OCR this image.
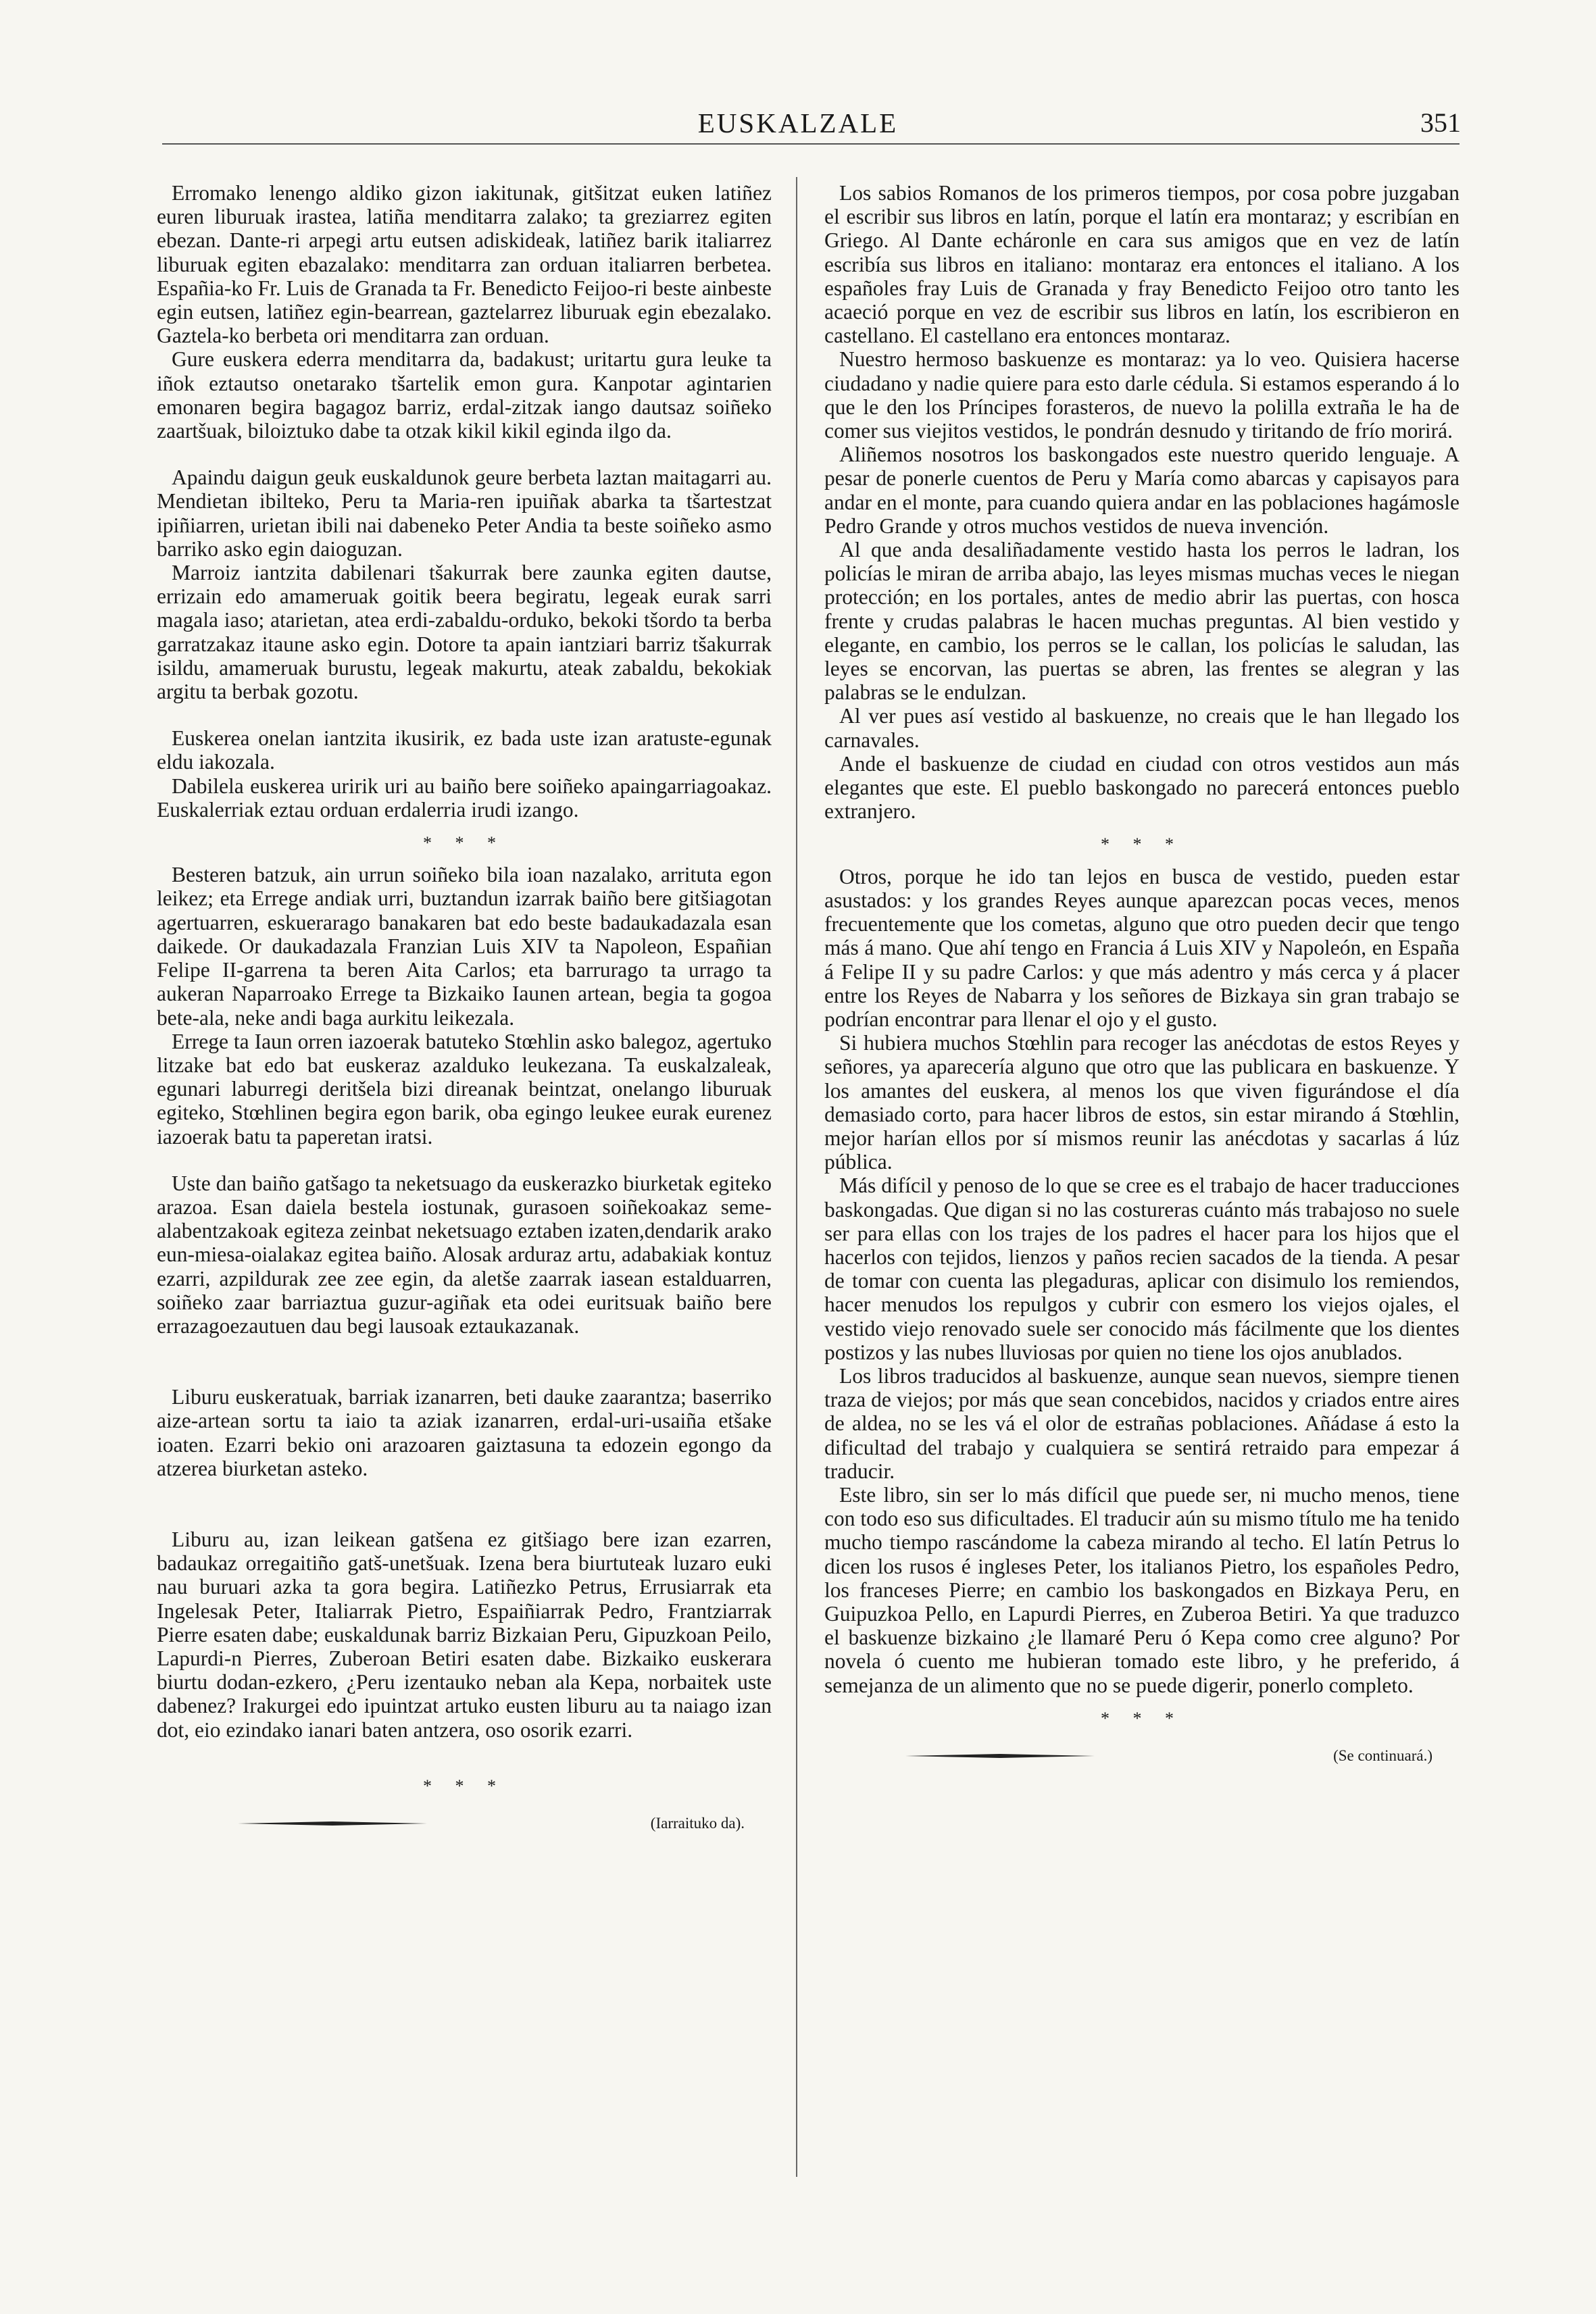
EUSKALZALE	351

Erromako lenengo aldiko gizon iakitunak, gitšitzat euken latiñez euren liburuak irastea, latiña menditarra zalako; ta greziarrez egiten ebezan. Dante-ri arpegi artu eutsen adiskideak, latiñez barik italiarrez liburuak egiten ebazalako: menditarra zan orduan italiarren berbetea. Españia-ko Fr. Luis de Granada ta Fr. Benedicto Feijoo-ri beste ainbeste egin eutsen, latiñez egin-bearrean, gaztelarrez liburuak egin ebezalako. Gaztela-ko berbeta ori menditarra zan orduan.

Gure euskera ederra menditarra da, badakust; uritartu gura leuke ta iñok eztautso onetarako tšartelik emon gura. Kanpotar agintarien emonaren begira bagagoz barriz, erdal-zitzak iango dautsaz soiñeko zaartšuak, biloiztuko dabe ta otzak kikil kikil egindа ilgo da.

Apaindu daigun geuk euskaldunok geure berbeta laztan maitagarri au. Mendietan ibilteko, Peru ta Maria-ren ipuiñak abarka ta tšartestzat ipiñiarren, urietan ibili nai dabeneko Peter Andia ta beste soiñeko asmo barriko asko egin daioguzan.

Marroiz iantzita dabilenari tšakurrak bere zaunka egiten dautse, errizain edo amameruak goitik beera begiratu, legeak eurak sarri magala iaso; atarietan, atea erdi-zabaldu-orduko, bekoki tšordo ta berba garratzakaz itaune asko egin. Dotore ta apain iantziari barriz tšakurrak isildu, amameruak burustu, legeak makurtu, ateak zabaldu, bekokiak argitu ta berbak gozotu.

Euskerea onelan iantzita ikusirik, ez bada uste izan aratuste-egunak eldu iakozala.

Dabilela euskerea uririk uri au baiño bere soiñeko apaingarriagoakaz. Euskalerriak eztau orduan erdalerria irudi izango.

* * *

Besteren batzuk, ain urrun soiñeko bila ioan nazalako, arrituta egon leikez; eta Errege andiak urri, buztandun izarrak baiño bere gitšiagotan agertuarren, eskuerarago banakaren bat edo beste badaukadazala esan daikede. Or daukadazala Franzian Luis XIV ta Napoleon, Españian Felipe II-garrena ta beren Aita Carlos; eta barrurago ta urrago ta aukeran Naparroako Errege ta Bizkaiko Iaunen artean, begia ta gogoa bete-ala, neke andi baga aurkitu leikezala.

Errege ta Iaun orren iazoerak batuteko Stœhlin asko balegoz, agertuko litzake bat edo bat euskeraz azalduko leukezana. Ta euskalzaleak, egunari laburregi deritšela bizi direanak beintzat, onelango liburuak egiteko, Stœhlinen begira egon barik, oba egingo leukee eurak eurenez iazoerak batu ta paperetan iratsi.

Uste dan baiño gatšago ta neketsuago da euskerazko biurketak egiteko arazoa. Esan daiela bestela iostunak, gurasoen soiñekoakaz seme-alabentzakoak egiteza zeinbat neketsuago eztaben izaten,dendarik arako eun-miesa-oialakaz egitea baiño. Alosak arduraz artu, adabakiak kontuz ezarri, azpildurak zee zee egin, da aletše zaarrak iasean estalduarren, soiñeko zaar barriaztua guzur-agiñak eta odei euritsuak baiño bere errazagoezautuen dau begi lausoak eztaukazanak.

Liburu euskeratuak, barriak izanarren, beti dauke zaarantza; baserriko aize-artean sortu ta iaio ta aziak izanarren, erdal-uri-usaiña etšake ioaten. Ezarri bekio oni arazoaren gaiztasuna ta edozein egongo da atzerea biurketan asteko.

Liburu au, izan leikean gatšena ez gitšiago bere izan ezarren, badaukaz orregaitiño gatš-unetšuak. Izena bera biurtuteak luzaro euki nau buruari azka ta gora begira. Latiñezko Petrus, Errusiarrak eta Ingelesak Peter, Italiarrak Pietro, Espaiñiarrak Pedro, Frantziarrak Pierre esaten dabe; euskaldunak barriz Bizkaian Peru, Gipuzkoan Peilo, Lapurdi-n Pierres, Zuberoan Betiri esaten dabe. Bizkaiko euskerara biurtu dodan-ezkero, ¿Peru izentauko neban ala Kepa, norbaitek uste dabenez? Irakurgei edo ipuintzat artuko eusten liburu au ta naiago izan dot, eio ezindako ianari baten antzera, oso osorik ezarri.

* * *
(Iarraituko da).

Los sabios Romanos de los primeros tiempos, por cosa pobre juzgaban el escribir sus libros en latín, porque el latín era montaraz; y escribían en Griego. Al Dante echáronle en cara sus amigos que en vez de latín escribía sus libros en italiano: montaraz era entonces el italiano. A los españoles fray Luis de Granada y fray Benedicto Feijoo otro tanto les acaeció porque en vez de escribir sus libros en latín, los escribieron en castellano. El castellano era entonces montaraz.

Nuestro hermoso baskuenze es montaraz: ya lo veo. Quisiera hacerse ciudadano y nadie quiere para esto darle cédula. Si estamos esperando á lo que le den los Príncipes forasteros, de nuevo la polilla extraña le ha de comer sus viejitos vestidos, le pondrán desnudo y tiritando de frío morirá.

Aliñemos nosotros los baskongados este nuestro querido lenguaje. A pesar de ponerle cuentos de Peru y María como abarcas y capisayos para andar en el monte, para cuando quiera andar en las poblaciones hagámosle Pedro Grande y otros muchos vestidos de nueva invención.

Al que anda desaliñadamente vestido hasta los perros le ladran, los policías le miran de arriba abajo, las leyes mismas muchas veces le niegan protección; en los portales, antes de medio abrir las puertas, con hosca frente y crudas palabras le hacen muchas preguntas. Al bien vestido y elegante, en cambio, los perros se le callan, los policías le saludan, las leyes se encorvan, las puertas se abren, las frentes se alegran y las palabras se le endulzan.

Al ver pues así vestido al baskuenze, no creais que le han llegado los carnavales.

Ande el baskuenze de ciudad en ciudad con otros vestidos aun más elegantes que este. El pueblo baskongado no parecerá entonces pueblo extranjero.

* * *

Otros, porque he ido tan lejos en busca de vestido, pueden estar asustados: y los grandes Reyes aunque aparezcan pocas veces, menos frecuentemente que los cometas, alguno que otro pueden decir que tengo más á mano. Que ahí tengo en Francia á Luis XIV y Napoleón, en España á Felipe II y su padre Carlos: y que más adentro y más cerca y á placer entre los Reyes de Nabarra y los señores de Bizkaya sin gran trabajo se podrían encontrar para llenar el ojo y el gusto.

Si hubiera muchos Stœhlin para recoger las anécdotas de estos Reyes y señores, ya aparecería alguno que otro que las publicara en baskuenze. Y los amantes del euskera, al menos los que viven figurándose el día demasiado corto, para hacer libros de estos, sin estar mirando á Stœhlin, mejor harían ellos por sí mismos reunir las anécdotas y sacarlas á lúz pública.

Más difícil y penoso de lo que se cree es el trabajo de hacer traducciones baskongadas. Que digan si no las costureras cuánto más trabajoso no suele ser para ellas con los trajes de los padres el hacer para los hijos que el hacerlos con tejidos, lienzos y paños recien sacados de la tienda. A pesar de tomar con cuenta las plegaduras, aplicar con disimulo los remiendos, hacer menudos los repulgos y cubrir con esmero los viejos ojales, el vestido viejo renovado suele ser conocido más fácilmente que los dientes postizos y las nubes lluviosas por quien no tiene los ojos anublados.

Los libros traducidos al baskuenze, aunque sean nuevos, siempre tienen traza de viejos; por más que sean concebidos, nacidos y criados entre aires de aldea, no se les vá el olor de estrañas poblaciones. Añádase á esto la dificultad del trabajo y cualquiera se sentirá retraido para empezar á traducir.

Este libro, sin ser lo más difícil que puede ser, ni mucho menos, tiene con todo eso sus dificultades. El traducir aún su mismo título me ha tenido mucho tiempo rascándome la cabeza mirando al techo. El latín Petrus lo dicen los rusos é ingleses Peter, los italianos Pietro, los españoles Pedro, los franceses Pierre; en cambio los baskongados en Bizkaya Peru, en Guipuzkoa Pello, en Lapurdi Pierres, en Zuberoa Betiri. Ya que traduzco el baskuenze bizkaino ¿le llamaré Peru ó Kepa como cree alguno? Por novela ó cuento me hubieran tomado este libro, y he preferido, á semejanza de un alimento que no se puede digerir, ponerlo completo.

* * *
(Se continuará.)
